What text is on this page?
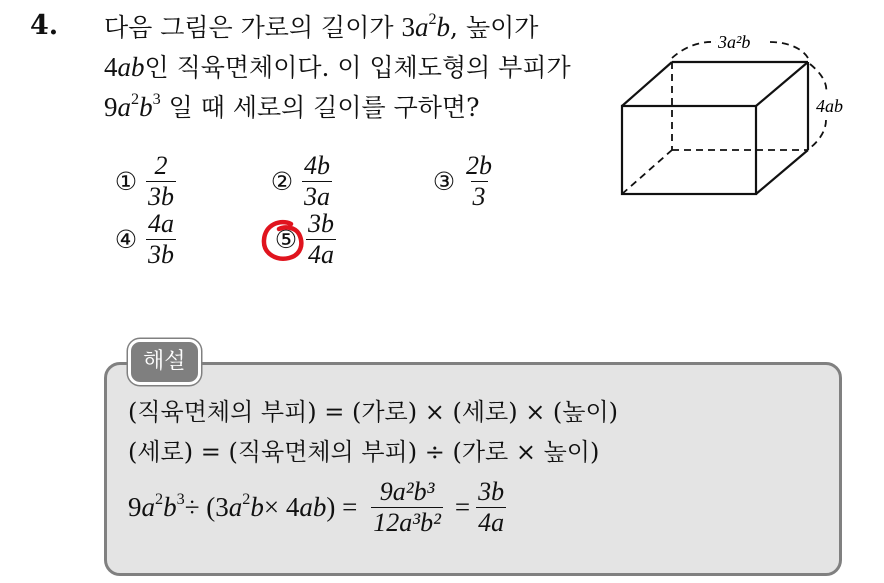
4. 다음 그림은 가로의 길이가 $3a^2b$, 높이가
4ab인 직육면체이다. 이 입체도형의 부피가
$9a^2b^3$ 일 때 세로의 길이를 구하면?
① $\frac{2}{3b}$	② $\frac{4b}{3a}$	③ $\frac{2b}{3}$
④ $\frac{4a}{3b}$	⑤ $\frac{3b}{4a}$
3a²b
4ab
해설
(직육면체의 부피) = (가로) × (세로) × (높이)
(세로) = (직육면체의 부피) ÷ (가로 × 높이)
9 $a^2b^3 \div (3$ $a^2b \times 4$ ab ) = $\frac{\text{9a²b³}}{\text{12a³b²}} = \frac{3b}{4a}$
